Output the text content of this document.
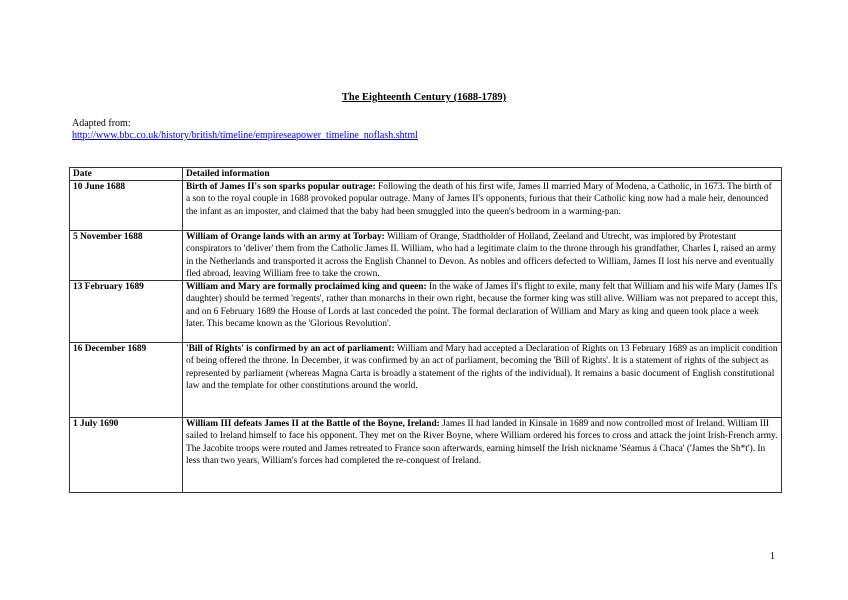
The Eighteenth Century (1688-1789)
Adapted from:
http://www.bbc.co.uk/history/british/timeline/empireseapower_timeline_noflash.shtml
Date	Detailed information
10 June 1688	Birth of James II's son sparks popular outrage: Following the death of his first wife, James II married Mary of Modena, a Catholic, in 1673. The birth of a son to the royal couple in 1688 provoked popular outrage. Many of James II's opponents, furious that their Catholic king now had a male heir, denounced the infant as an imposter, and claimed that the baby had been smuggled into the queen's bedroom in a warming-pan.
5 November 1688	William of Orange lands with an army at Torbay: William of Orange, Stadtholder of Holland, Zeeland and Utrecht, was implored by Protestant conspirators to 'deliver' them from the Catholic James II. William, who had a legitimate claim to the throne through his grandfather, Charles I, raised an army in the Netherlands and transported it across the English Channel to Devon. As nobles and officers defected to William, James II lost his nerve and eventually fled abroad, leaving William free to take the crown.
13 February 1689	William and Mary are formally proclaimed king and queen: In the wake of James II's flight to exile, many felt that William and his wife Mary (James II's daughter) should be termed 'regents', rather than monarchs in their own right, because the former king was still alive. William was not prepared to accept this, and on 6 February 1689 the House of Lords at last conceded the point. The formal declaration of William and Mary as king and queen took place a week later. This became known as the 'Glorious Revolution'.
16 December 1689	'Bill of Rights' is confirmed by an act of parliament: William and Mary had accepted a Declaration of Rights on 13 February 1689 as an implicit condition of being offered the throne. In December, it was confirmed by an act of parliament, becoming the 'Bill of Rights'. It is a statement of rights of the subject as represented by parliament (whereas Magna Carta is broadly a statement of the rights of the individual). It remains a basic document of English constitutional law and the template for other constitutions around the world.
1 July 1690	William III defeats James II at the Battle of the Boyne, Ireland: James II had landed in Kinsale in 1689 and now controlled most of Ireland. William III sailed to Ireland himself to face his opponent. They met on the River Boyne, where William ordered his forces to cross and attack the joint Irish-French army. The Jacobite troops were routed and James retreated to France soon afterwards, earning himself the Irish nickname 'Séamus á Chaca' ('James the Sh*t'). In less than two years, William's forces had completed the re-conquest of Ireland.
1
